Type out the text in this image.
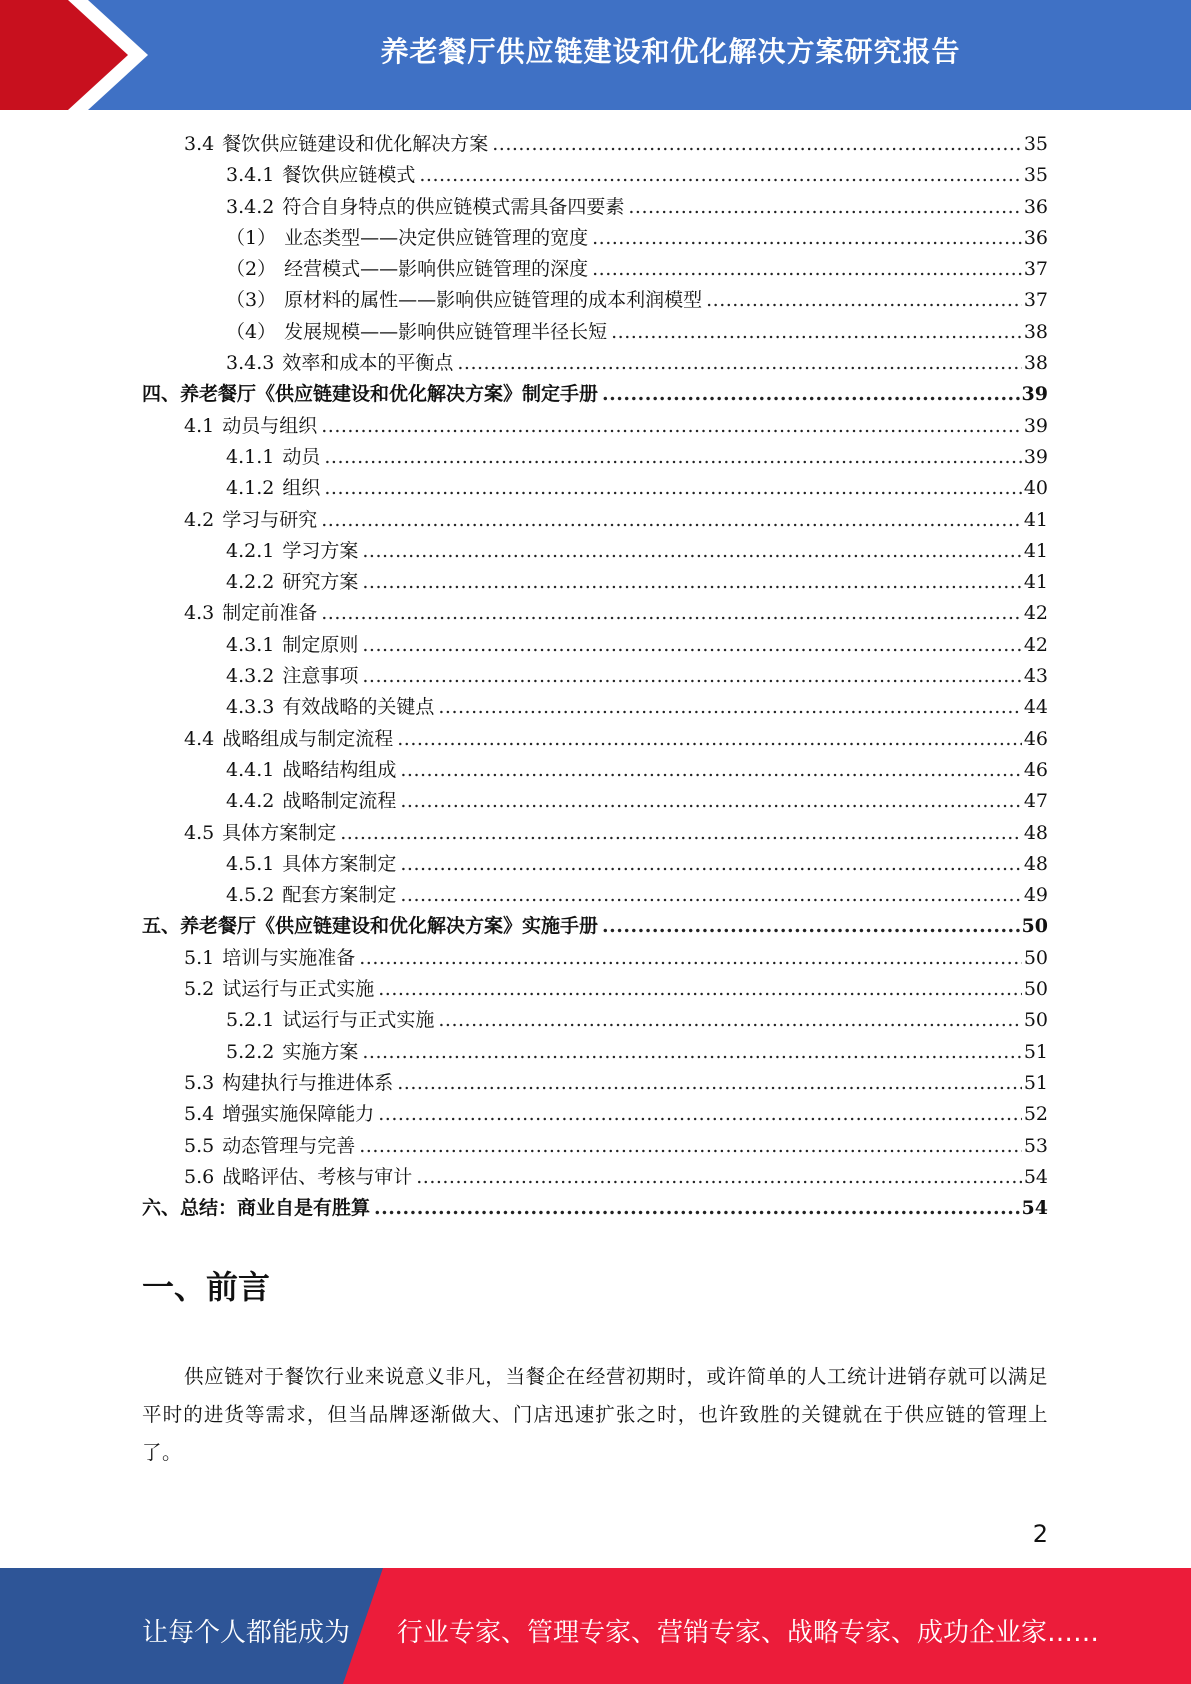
养老餐厅供应链建设和优化解决方案研究报告
3.4 餐饮供应链建设和优化解决方案 .....	35
3.4.1 餐饮供应链模式 .....	35
3.4.2 符合自身特点的供应链模式需具备四要素 .....	36
（1） 业态类型——决定供应链管理的宽度 .....	36
（2） 经营模式——影响供应链管理的深度 .....	37
（3） 原材料的属性——影响供应链管理的成本利润模型 .....	37
（4） 发展规模——影响供应链管理半径长短 .....	38
3.4.3 效率和成本的平衡点 .....	38
四、养老餐厅《供应链建设和优化解决方案》制定手册 .....	39
4.1 动员与组织 .....	39
4.1.1 动员 .....	39
4.1.2 组织 .....	40
4.2 学习与研究 .....	41
4.2.1 学习方案 .....	41
4.2.2 研究方案 .....	41
4.3 制定前准备 .....	42
4.3.1 制定原则 .....	42
4.3.2 注意事项 .....	43
4.3.3 有效战略的关键点 .....	44
4.4 战略组成与制定流程 .....	46
4.4.1 战略结构组成 .....	46
4.4.2 战略制定流程 .....	47
4.5 具体方案制定 .....	48
4.5.1 具体方案制定 .....	48
4.5.2 配套方案制定 .....	49
五、养老餐厅《供应链建设和优化解决方案》实施手册 .....	50
5.1 培训与实施准备 .....	50
5.2 试运行与正式实施 .....	50
5.2.1 试运行与正式实施 .....	50
5.2.2 实施方案 .....	51
5.3 构建执行与推进体系 .....	51
5.4 增强实施保障能力 .....	52
5.5 动态管理与完善 .....	53
5.6 战略评估、考核与审计 .....	54
六、总结：商业自是有胜算 .....	54
一、前言
供应链对于餐饮行业来说意义非凡，当餐企在经营初期时，或许简单的人工统计进销存就可以满足平时的进货等需求，但当品牌逐渐做大、门店迅速扩张之时，也许致胜的关键就在于供应链的管理上了。
2
让每个人都能成为 行业专家、管理专家、营销专家、战略专家、成功企业家……
